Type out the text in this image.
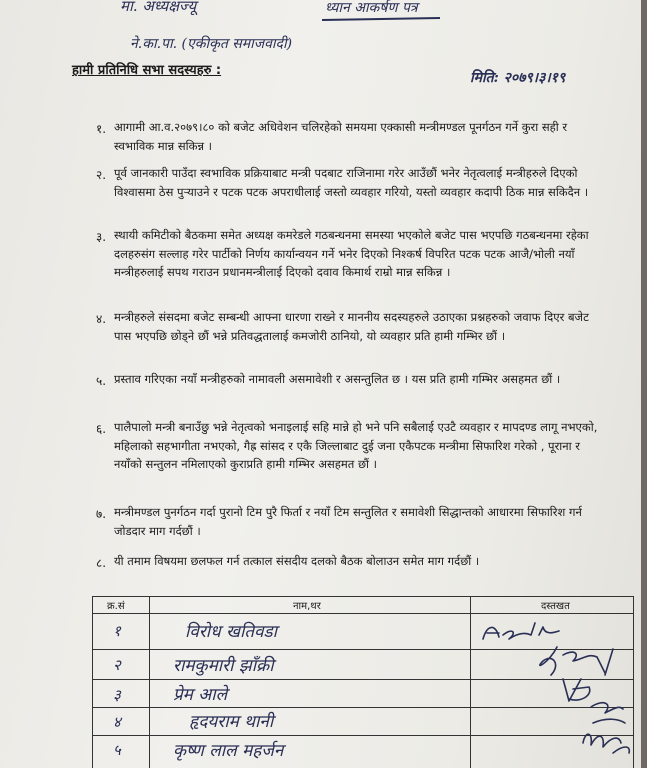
मा. अध्यक्षज्यू	ध्यान आकर्षण पत्र
ने.का.पा. (एकीकृत समाजवादी)
हामी प्रतिनिधि सभा सदस्यहरु :	मिति: २०७९।३।१९
१. आगामी आ.व.२०७९।८० को बजेट अधिवेशन चलिरहेको समयमा एक्कासी मन्त्रीमण्डल पूनर्गठन गर्ने कुरा सही र स्वभाविक मान्न सकिन्न ।
२. पूर्व जानकारी पाउँदा स्वभाविक प्रक्रियाबाट मन्त्री पदबाट राजिनामा गरेर आउँछौं भनेर नेतृत्वलाई मन्त्रीहरुले दिएको विश्वासमा ठेस पुर्‍याउने र पटक पटक अपराधीलाई जस्तो व्यवहार गरियो, यस्तो व्यवहार कदापी ठिक मान्न सकिदैन ।
३. स्थायी कमिटीको बैठकमा समेत अध्यक्ष कमरेडले गठबन्धनमा समस्या भएकोले बजेट पास भएपछि गठबन्धनमा रहेका दलहरुसंग सल्लाह गरेर पार्टीको निर्णय कार्यान्वयन गर्ने भनेर दिएको निश्कर्ष विपरित पटक पटक आजै/भोली नयाँ मन्त्रीहरुलाई सपथ गराउन प्रधानमन्त्रीलाई दिएको दवाव किमार्थ राम्रो मान्न सकिन्न ।
४. मन्त्रीहरुले संसदमा बजेट सम्बन्धी आफ्ना धारणा राख्ने र माननीय सदस्यहरुले उठाएका प्रश्नहरुको जवाफ दिएर बजेट पास भएपछि छोड्ने छौं भन्ने प्रतिवद्धतालाई कमजोरी ठानियो, यो व्यवहार प्रति हामी गम्भिर छौं ।
५. प्रस्ताव गरिएका नयाँ मन्त्रीहरुको नामावली असमावेशी र असन्तुलित छ । यस प्रति हामी गम्भिर असहमत छौं ।
६. पालैपालो मन्त्री बनाउँछु भन्ने नेतृत्वको भनाइलाई सहि मान्ने हो भने पनि सबैलाई एउटै व्यवहार र मापदण्ड लागू नभएको, महिलाको सहभागीता नभएको, गैह्र सांसद र एकै जिल्लाबाट दुई जना एकैपटक मन्त्रीमा सिफारिश गरेको , पूराना र नयाँको सन्तुलन नमिलाएको कुराप्रति हामी गम्भिर असहमत छौं ।
७. मन्त्रीमण्डल पुनर्गठन गर्दा पुरानो टिम पुरै फिर्ता र नयाँ टिम सन्तुलित र समावेशी सिद्धान्तको आधारमा सिफारिश गर्न जोडदार माग गर्दछौं ।
८. यी तमाम विषयमा छलफल गर्न तत्काल संसदीय दलको बैठक बोलाउन समेत माग गर्दछौं ।
क्र.सं	नाम,थर	दस्तखत
१	विरोध खतिवडा
२	रामकुमारी झाँक्री
३	प्रेम आले
४	हृदयराम थानी
५	कृष्ण लाल महर्जन
